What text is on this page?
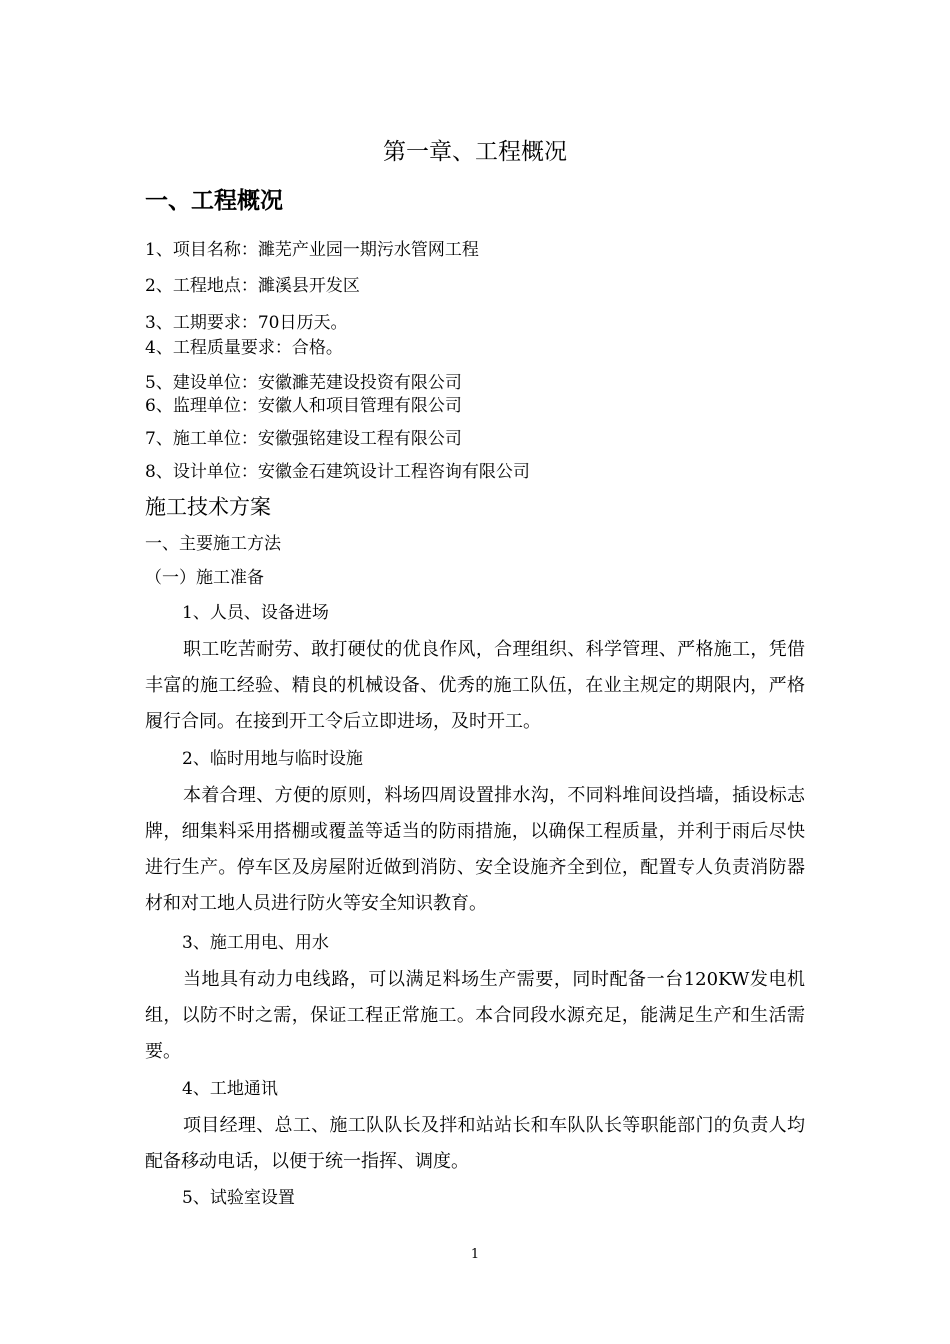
第一章、工程概况
一、工程概况
1、项目名称：濉芜产业园一期污水管网工程
2、工程地点：濉溪县开发区
3、工期要求：70日历天。
4、工程质量要求：合格。
5、建设单位：安徽濉芜建设投资有限公司
6、监理单位：安徽人和项目管理有限公司
7、施工单位：安徽强铭建设工程有限公司
8、设计单位：安徽金石建筑设计工程咨询有限公司
施工技术方案
一、主要施工方法
（一）施工准备
1、人员、设备进场
职工吃苦耐劳、敢打硬仗的优良作风，合理组织、科学管理、严格施工，凭借丰富的施工经验、精良的机械设备、优秀的施工队伍，在业主规定的期限内，严格履行合同。在接到开工令后立即进场，及时开工。
2、临时用地与临时设施
本着合理、方便的原则，料场四周设置排水沟，不同料堆间设挡墙，插设标志牌，细集料采用搭棚或覆盖等适当的防雨措施，以确保工程质量，并利于雨后尽快进行生产。停车区及房屋附近做到消防、安全设施齐全到位，配置专人负责消防器材和对工地人员进行防火等安全知识教育。
3、施工用电、用水
当地具有动力电线路，可以满足料场生产需要，同时配备一台120KW发电机组，以防不时之需，保证工程正常施工。本合同段水源充足，能满足生产和生活需要。
4、工地通讯
项目经理、总工、施工队队长及拌和站站长和车队队长等职能部门的负责人均配备移动电话，以便于统一指挥、调度。
5、试验室设置
1
